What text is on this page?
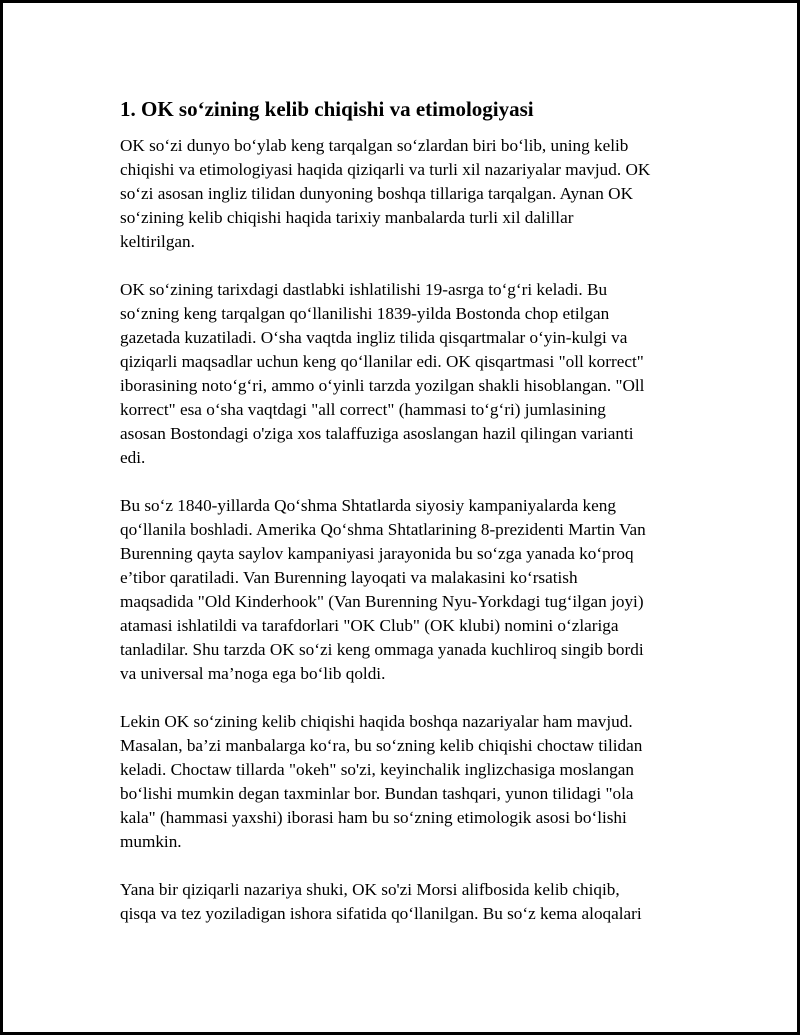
1. OK so‘zining kelib chiqishi va etimologiyasi

OK so‘zi dunyo bo‘ylab keng tarqalgan so‘zlardan biri bo‘lib, uning kelib
chiqishi va etimologiyasi haqida qiziqarli va turli xil nazariyalar mavjud. OK
so‘zi asosan ingliz tilidan dunyoning boshqa tillariga tarqalgan. Aynan OK
so‘zining kelib chiqishi haqida tarixiy manbalarda turli xil dalillar
keltirilgan.

OK so‘zining tarixdagi dastlabki ishlatilishi 19-asrga to‘g‘ri keladi. Bu
so‘zning keng tarqalgan qo‘llanilishi 1839-yilda Bostonda chop etilgan
gazetada kuzatiladi. O‘sha vaqtda ingliz tilida qisqartmalar o‘yin-kulgi va
qiziqarli maqsadlar uchun keng qo‘llanilar edi. OK qisqartmasi "oll korrect"
iborasining noto‘g‘ri, ammo o‘yinli tarzda yozilgan shakli hisoblangan. "Oll
korrect" esa o‘sha vaqtdagi "all correct" (hammasi to‘g‘ri) jumlasining
asosan Bostondagi o'ziga xos talaffuziga asoslangan hazil qilingan varianti
edi.

Bu so‘z 1840-yillarda Qo‘shma Shtatlarda siyosiy kampaniyalarda keng
qo‘llanila boshladi. Amerika Qo‘shma Shtatlarining 8-prezidenti Martin Van
Burenning qayta saylov kampaniyasi jarayonida bu so‘zga yanada ko‘proq
e’tibor qaratiladi. Van Burenning layoqati va malakasini ko‘rsatish
maqsadida "Old Kinderhook" (Van Burenning Nyu-Yorkdagi tug‘ilgan joyi)
atamasi ishlatildi va tarafdorlari "OK Club" (OK klubi) nomini o‘zlariga
tanladilar. Shu tarzda OK so‘zi keng ommaga yanada kuchliroq singib bordi
va universal ma’noga ega bo‘lib qoldi.

Lekin OK so‘zining kelib chiqishi haqida boshqa nazariyalar ham mavjud.
Masalan, ba’zi manbalarga ko‘ra, bu so‘zning kelib chiqishi choctaw tilidan
keladi. Choctaw tillarda "okeh" so'zi, keyinchalik inglizchasiga moslangan
bo‘lishi mumkin degan taxminlar bor. Bundan tashqari, yunon tilidagi "ola
kala" (hammasi yaxshi) iborasi ham bu so‘zning etimologik asosi bo‘lishi
mumkin.

Yana bir qiziqarli nazariya shuki, OK so'zi Morsi alifbosida kelib chiqib,
qisqa va tez yoziladigan ishora sifatida qo‘llanilgan. Bu so‘z kema aloqalari
